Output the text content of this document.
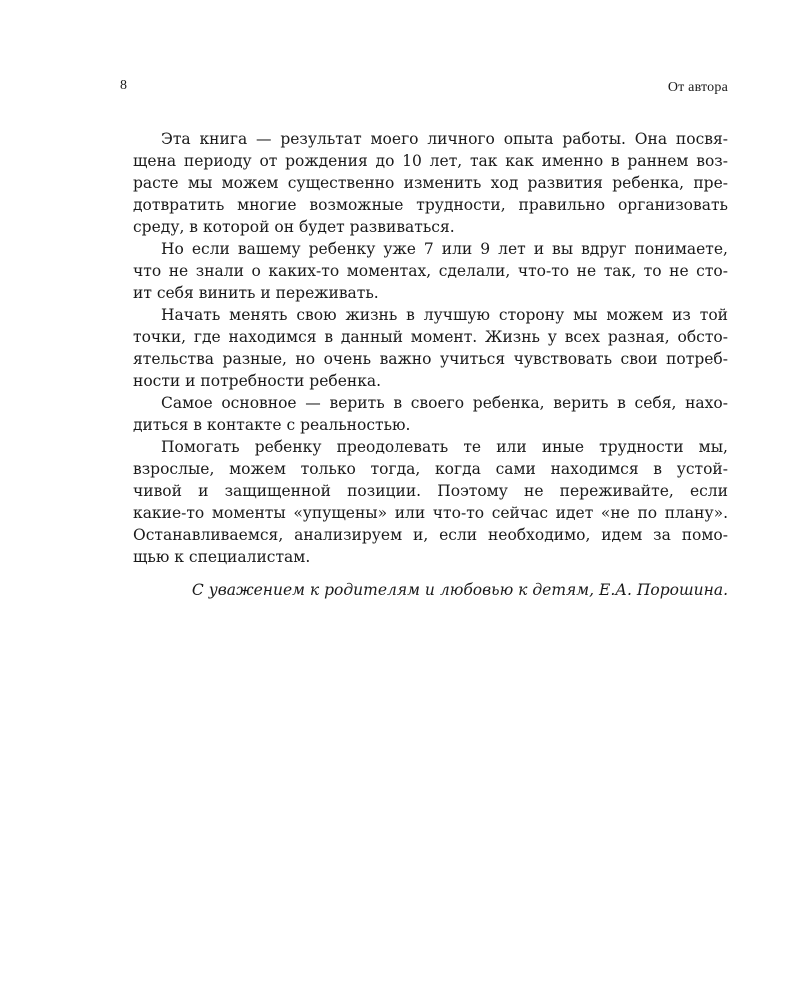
8	От автора
Эта книга — результат моего личного опыта работы. Она посвя-
щена периоду от рождения до 10 лет, так как именно в раннем воз-
расте мы можем существенно изменить ход развития ребенка, пре-
дотвратить многие возможные трудности, правильно организовать
среду, в которой он будет развиваться.
Но если вашему ребенку уже 7 или 9 лет и вы вдруг понимаете,
что не знали о каких-то моментах, сделали, что-то не так, то не сто-
ит себя винить и переживать.
Начать менять свою жизнь в лучшую сторону мы можем из той
точки, где находимся в данный момент. Жизнь у всех разная, обсто-
ятельства разные, но очень важно учиться чувствовать свои потреб-
ности и потребности ребенка.
Самое основное — верить в своего ребенка, верить в себя, нахо-
диться в контакте с реальностью.
Помогать ребенку преодолевать те или иные трудности мы,
взрослые, можем только тогда, когда сами находимся в устой-
чивой и защищенной позиции. Поэтому не переживайте, если
какие-то моменты «упущены» или что-то сейчас идет «не по плану».
Останавливаемся, анализируем и, если необходимо, идем за помо-
щью к специалистам.
С уважением к родителям и любовью к детям, Е.А. Порошина.
